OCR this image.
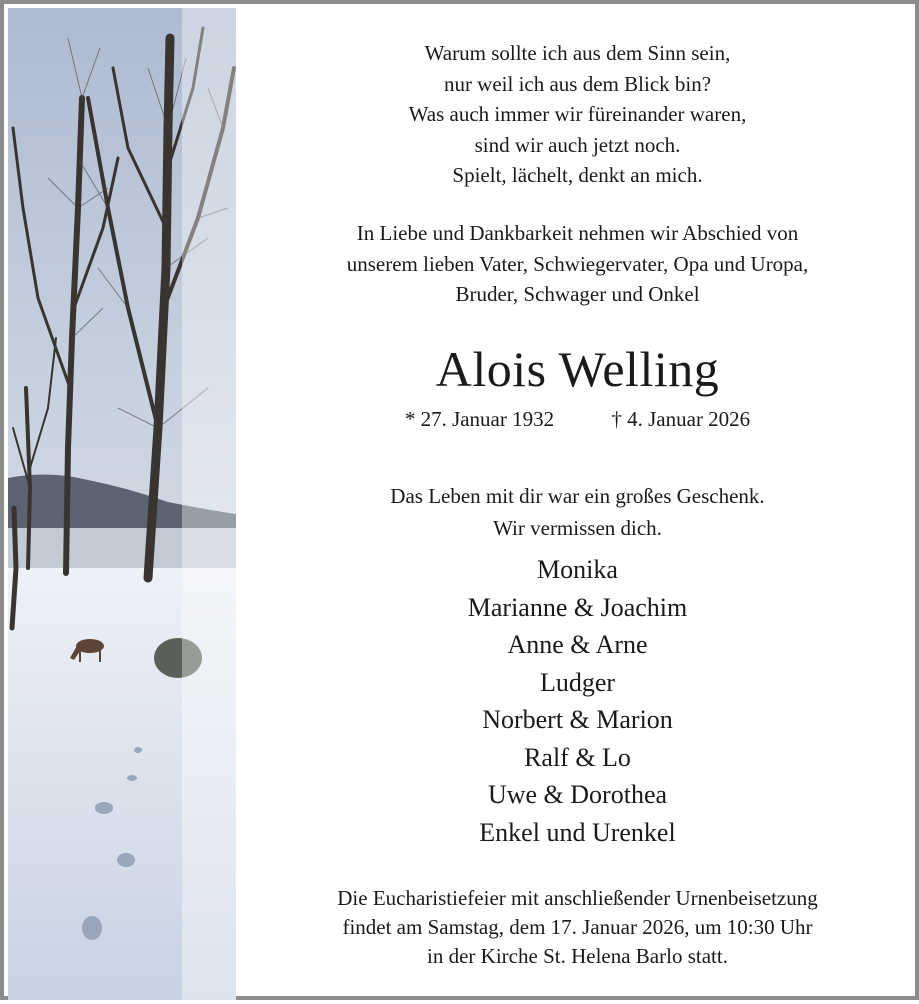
Warum sollte ich aus dem Sinn sein,
nur weil ich aus dem Blick bin?
Was auch immer wir füreinander waren,
sind wir auch jetzt noch.
Spielt, lächelt, denkt an mich.
In Liebe und Dankbarkeit nehmen wir Abschied von
unserem lieben Vater, Schwiegervater, Opa und Uropa,
Bruder, Schwager und Onkel
Alois Welling
* 27. Januar 1932	† 4. Januar 2026
Das Leben mit dir war ein großes Geschenk.
Wir vermissen dich.
Monika
Marianne & Joachim
Anne & Arne
Ludger
Norbert & Marion
Ralf & Lo
Uwe & Dorothea
Enkel und Urenkel
Die Eucharistiefeier mit anschließender Urnenbeisetzung
findet am Samstag, dem 17. Januar 2026, um 10:30 Uhr
in der Kirche St. Helena Barlo statt.
